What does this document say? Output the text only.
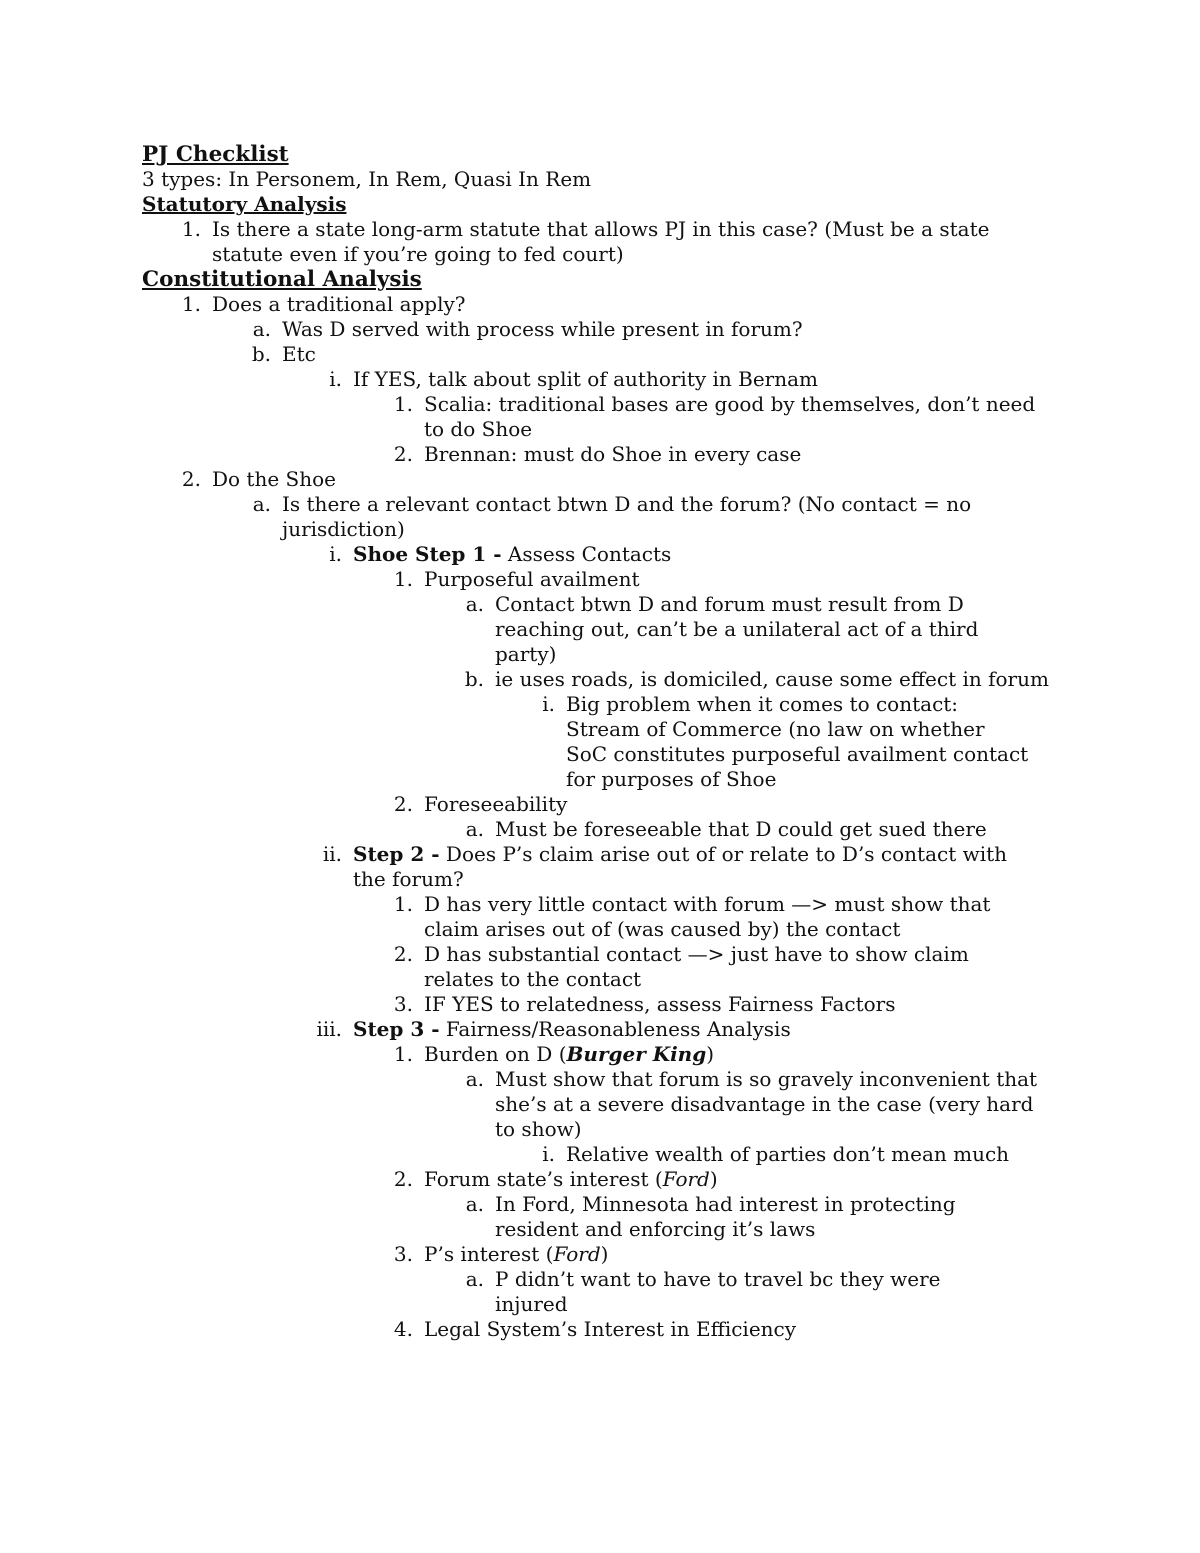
PJ Checklist
3 types: In Personem, In Rem, Quasi In Rem
Statutory Analysis
1. Is there a state long-arm statute that allows PJ in this case? (Must be a state statute even if you’re going to fed court)
Constitutional Analysis
1. Does a traditional apply?
a. Was D served with process while present in forum?
b. Etc
i. If YES, talk about split of authority in Bernam
1. Scalia: traditional bases are good by themselves, don’t need to do Shoe
2. Brennan: must do Shoe in every case
2. Do the Shoe
a. Is there a relevant contact btwn D and the forum? (No contact = no jurisdiction)
i. Shoe Step 1 - Assess Contacts
1. Purposeful availment
a. Contact btwn D and forum must result from D reaching out, can’t be a unilateral act of a third party)
b. ie uses roads, is domiciled, cause some effect in forum
i. Big problem when it comes to contact: Stream of Commerce (no law on whether SoC constitutes purposeful availment contact for purposes of Shoe
2. Foreseeability
a. Must be foreseeable that D could get sued there
ii. Step 2 - Does P’s claim arise out of or relate to D’s contact with the forum?
1. D has very little contact with forum —> must show that claim arises out of (was caused by) the contact
2. D has substantial contact —> just have to show claim relates to the contact
3. IF YES to relatedness, assess Fairness Factors
iii. Step 3 - Fairness/Reasonableness Analysis
1. Burden on D (Burger King)
a. Must show that forum is so gravely inconvenient that she’s at a severe disadvantage in the case (very hard to show)
i. Relative wealth of parties don’t mean much
2. Forum state’s interest (Ford)
a. In Ford, Minnesota had interest in protecting resident and enforcing it’s laws
3. P’s interest (Ford)
a. P didn’t want to have to travel bc they were injured
4. Legal System’s Interest in Efficiency
